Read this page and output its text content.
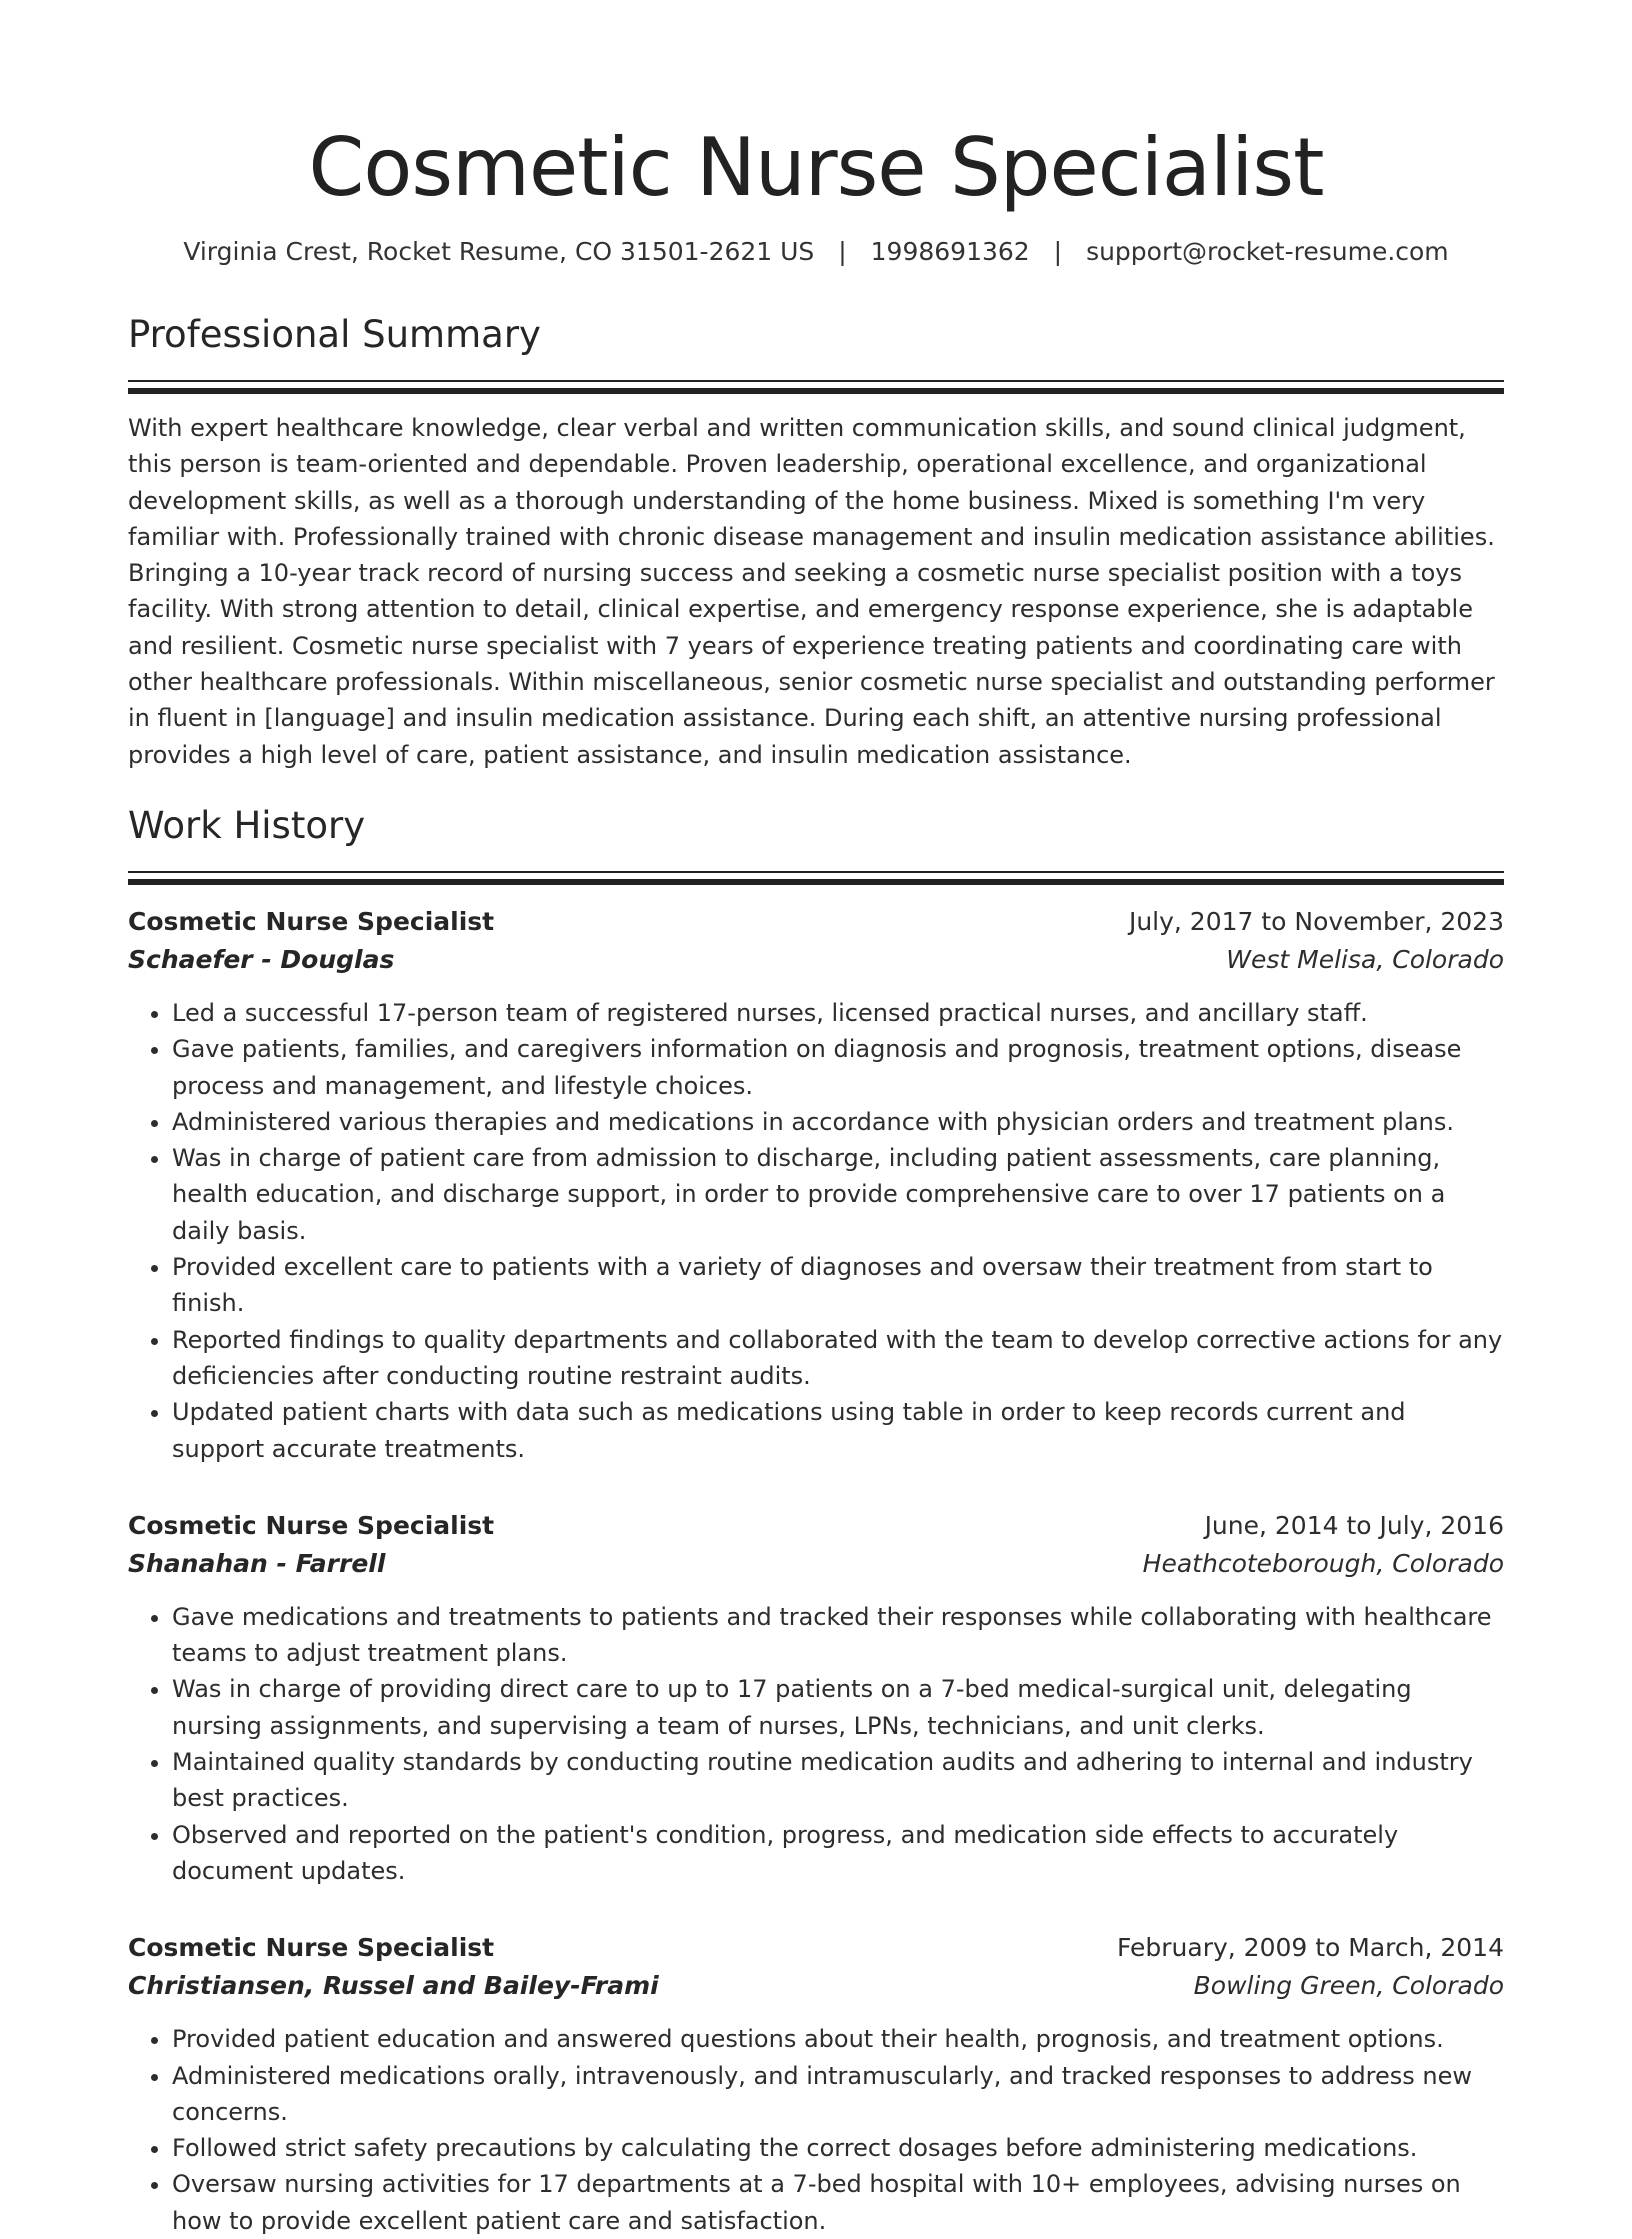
Cosmetic Nurse Specialist
Virginia Crest, Rocket Resume, CO 31501-2621 US | 1998691362 | support@rocket-resume.com
Professional Summary

With expert healthcare knowledge, clear verbal and written communication skills, and sound clinical judgment, this person is team-oriented and dependable. Proven leadership, operational excellence, and organizational development skills, as well as a thorough understanding of the home business. Mixed is something I'm very familiar with. Professionally trained with chronic disease management and insulin medication assistance abilities. Bringing a 10-year track record of nursing success and seeking a cosmetic nurse specialist position with a toys facility. With strong attention to detail, clinical expertise, and emergency response experience, she is adaptable and resilient. Cosmetic nurse specialist with 7 years of experience treating patients and coordinating care with other healthcare professionals. Within miscellaneous, senior cosmetic nurse specialist and outstanding performer in fluent in [language] and insulin medication assistance. During each shift, an attentive nursing professional provides a high level of care, patient assistance, and insulin medication assistance.

Work History
Cosmetic Nurse Specialist	July, 2017 to November, 2023
Schaefer - Douglas	West Melisa, Colorado
• Led a successful 17-person team of registered nurses, licensed practical nurses, and ancillary staff.
• Gave patients, families, and caregivers information on diagnosis and prognosis, treatment options, disease process and management, and lifestyle choices.
• Administered various therapies and medications in accordance with physician orders and treatment plans.
• Was in charge of patient care from admission to discharge, including patient assessments, care planning, health education, and discharge support, in order to provide comprehensive care to over 17 patients on a daily basis.
• Provided excellent care to patients with a variety of diagnoses and oversaw their treatment from start to finish.
• Reported findings to quality departments and collaborated with the team to develop corrective actions for any deficiencies after conducting routine restraint audits.
• Updated patient charts with data such as medications using table in order to keep records current and support accurate treatments.
Cosmetic Nurse Specialist	June, 2014 to July, 2016
Shanahan - Farrell	Heathcoteborough, Colorado
• Gave medications and treatments to patients and tracked their responses while collaborating with healthcare teams to adjust treatment plans.
• Was in charge of providing direct care to up to 17 patients on a 7-bed medical-surgical unit, delegating nursing assignments, and supervising a team of nurses, LPNs, technicians, and unit clerks.
• Maintained quality standards by conducting routine medication audits and adhering to internal and industry best practices.
• Observed and reported on the patient's condition, progress, and medication side effects to accurately document updates.
Cosmetic Nurse Specialist	February, 2009 to March, 2014
Christiansen, Russel and Bailey-Frami	Bowling Green, Colorado
• Provided patient education and answered questions about their health, prognosis, and treatment options.
• Administered medications orally, intravenously, and intramuscularly, and tracked responses to address new concerns.
• Followed strict safety precautions by calculating the correct dosages before administering medications.
• Oversaw nursing activities for 17 departments at a 7-bed hospital with 10+ employees, advising nurses on how to provide excellent patient care and satisfaction.
